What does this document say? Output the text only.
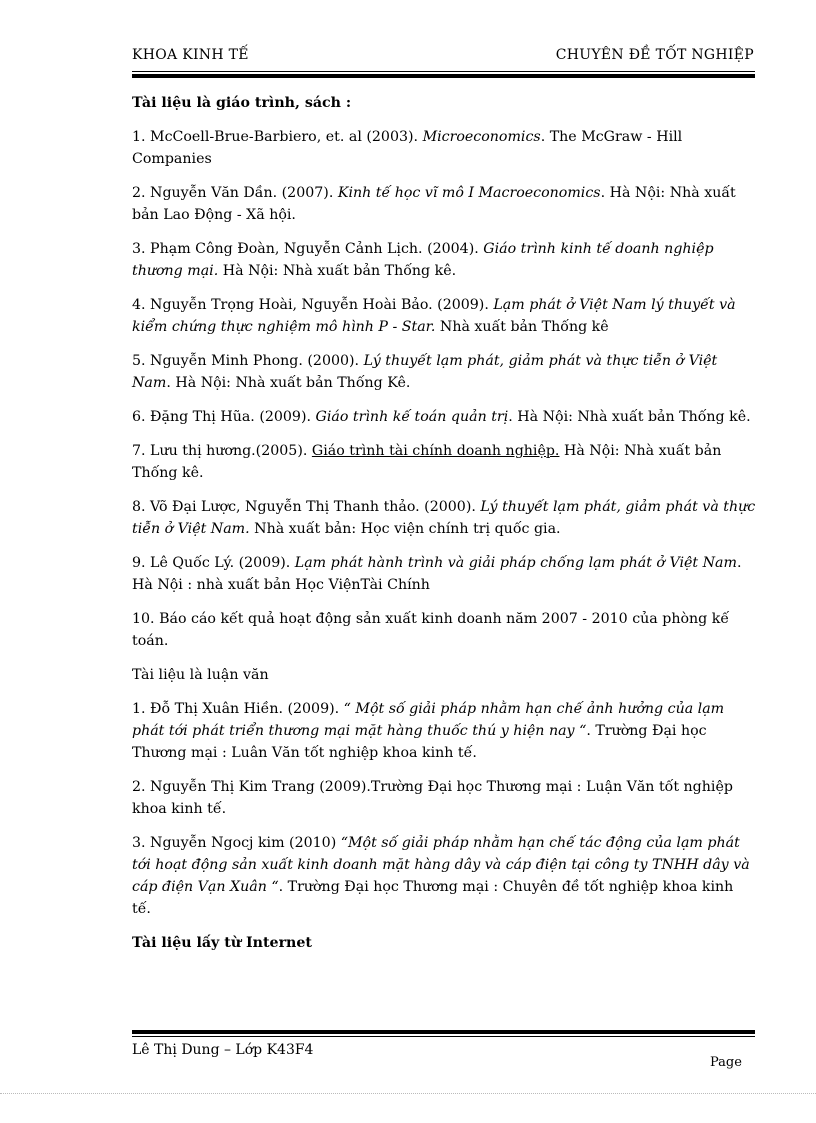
KHOA KINH TẾ	CHUYÊN ĐỀ TỐT NGHIỆP

Tài liệu là giáo trình, sách :

1. McCoell-Brue-Barbiero, et. al (2003). Microeconomics. The McGraw - Hill Companies

2. Nguyễn Văn Dần. (2007). Kinh tế học vĩ mô I Macroeconomics. Hà Nội: Nhà xuất bản Lao Động - Xã hội.

3. Phạm Công Đoàn, Nguyễn Cảnh Lịch. (2004). Giáo trình kinh tế doanh nghiệp thương mại. Hà Nội: Nhà xuất bản Thống kê.

4. Nguyễn Trọng Hoài, Nguyễn Hoài Bảo. (2009). Lạm phát ở Việt Nam lý thuyết và kiểm chứng thực nghiệm mô hình P - Star. Nhà xuất bản Thống kê

5. Nguyễn Minh Phong. (2000). Lý thuyết lạm phát, giảm phát và thực tiễn ở Việt Nam. Hà Nội: Nhà xuất bản Thống Kê.

6. Đặng Thị Hũa. (2009). Giáo trình kế toán quản trị. Hà Nội: Nhà xuất bản Thống kê.

7. Lưu thị hương.(2005). Giáo trình tài chính doanh nghiệp. Hà Nội: Nhà xuất bản Thống kê.

8. Võ Đại Lược, Nguyễn Thị Thanh thảo. (2000). Lý thuyết lạm phát, giảm phát và thực tiễn ở Việt Nam. Nhà xuất bản: Học viện chính trị quốc gia.

9. Lê Quốc Lý. (2009). Lạm phát hành trình và giải pháp chống lạm phát ở Việt Nam. Hà Nội : nhà xuất bản Học ViệnTài Chính

10. Báo cáo kết quả hoạt động sản xuất kinh doanh năm 2007 - 2010 của phòng kế toán.

Tài liệu là luận văn

1. Đỗ Thị Xuân Hiền. (2009). “ Một số giải pháp nhằm hạn chế ảnh hưởng của lạm phát tới phát triển thương mại mặt hàng thuốc thú y hiện nay “. Trường Đại học Thương mại : Luân Văn tốt nghiệp khoa kinh tế.

2. Nguyễn Thị Kim Trang (2009).Trường Đại học Thương mại : Luận Văn tốt nghiệp khoa kinh tế.

3. Nguyễn Ngocj kim (2010) “Một số giải pháp nhằm hạn chế tác động của lạm phát tới hoạt động sản xuất kinh doanh mặt hàng dây và cáp điện tại công ty TNHH dây và cáp điện Vạn Xuân “. Trường Đại học Thương mại : Chuyên đề tốt nghiệp khoa kinh tế.

Tài liệu lấy từ Internet

Lê Thị Dung – Lớp K43F4
Page
